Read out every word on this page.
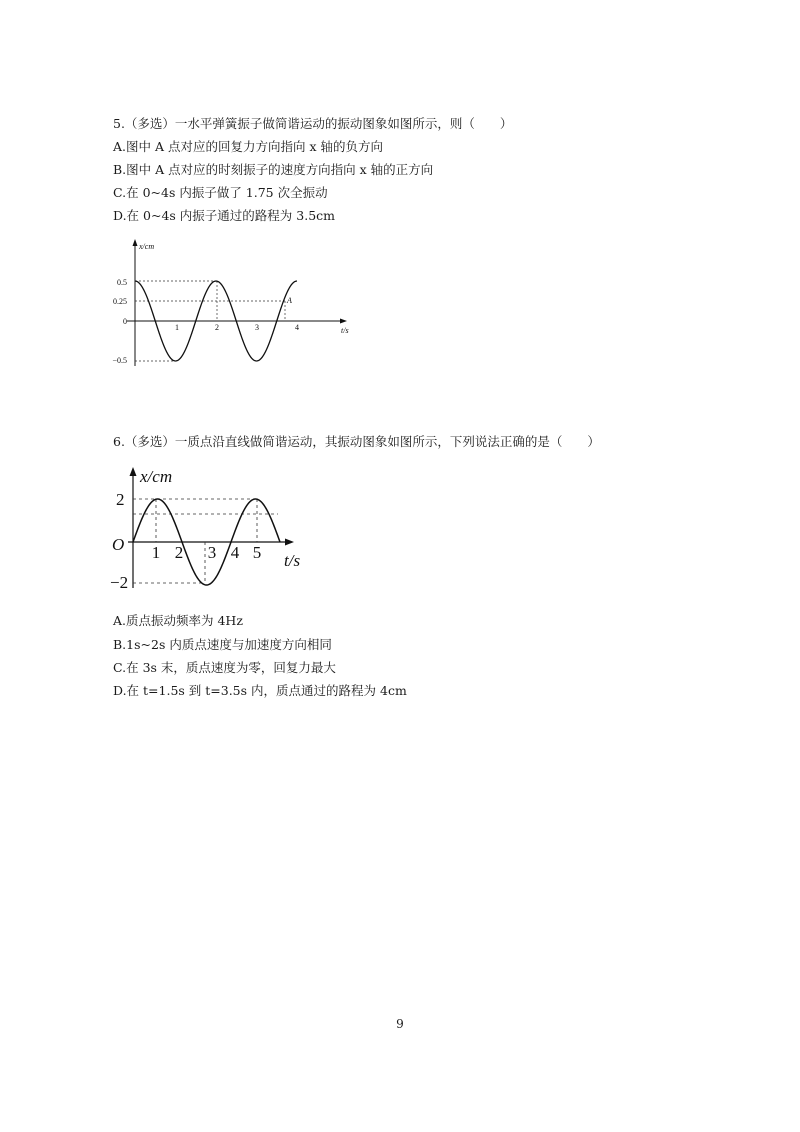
5.（多选）一水平弹簧振子做简谐运动的振动图象如图所示，则（　　）
A.图中 A 点对应的回复力方向指向 x 轴的负方向
B.图中 A 点对应的时刻振子的速度方向指向 x 轴的正方向
C.在 0~4s 内振子做了 1.75 次全振动
D.在 0~4s 内振子通过的路程为 3.5cm
x/cm
t/s
0.5
0.25
0
−0.5
1	2	3	4
A
6.（多选）一质点沿直线做简谐运动，其振动图象如图所示，下列说法正确的是（　　）
x/cm
t/s
O
2
−2
1 2 3 4 5
A.质点振动频率为 4Hz
B.1s~2s 内质点速度与加速度方向相同
C.在 3s 末，质点速度为零，回复力最大
D.在 t=1.5s 到 t=3.5s 内，质点通过的路程为 4cm
9
